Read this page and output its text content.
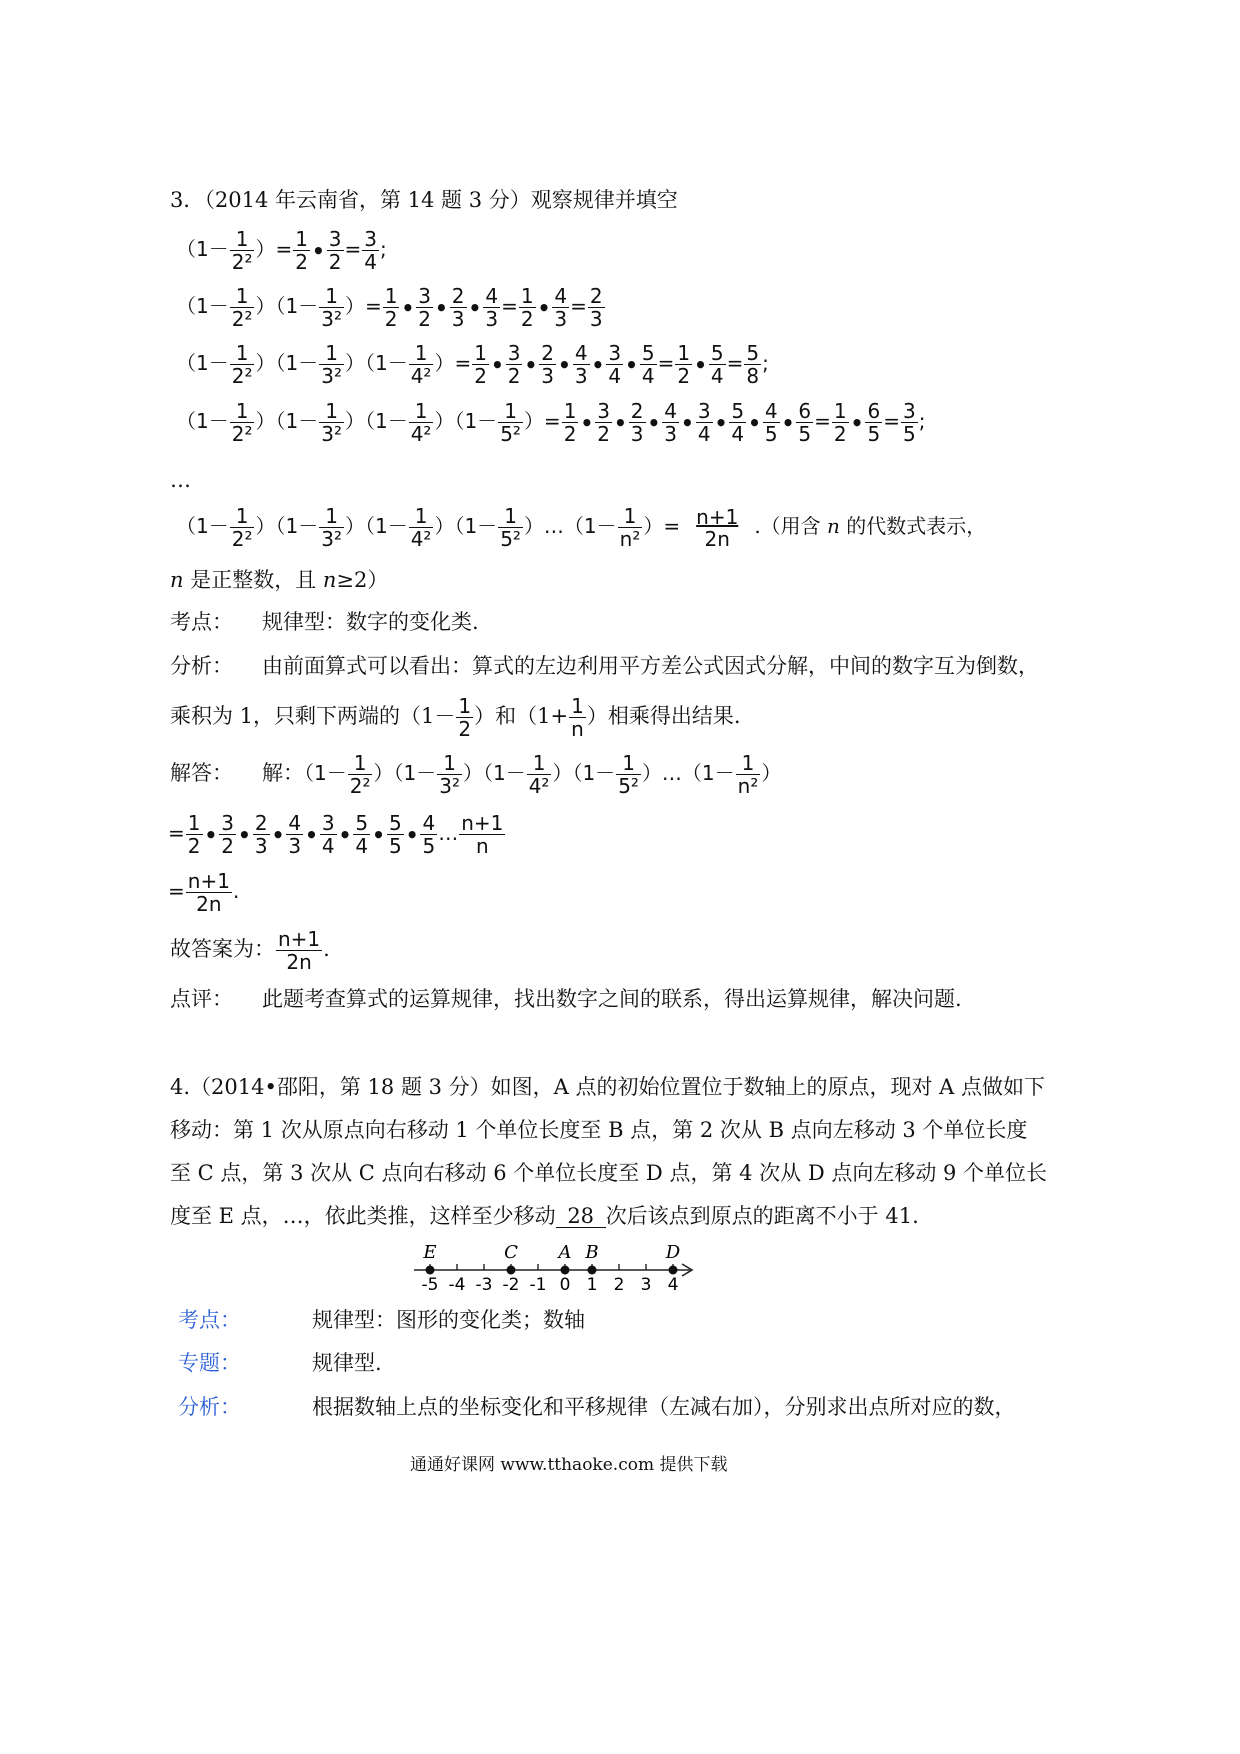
3．（2014 年云南省，第 14 题 3 分）观察规律并填空
（$1- \frac{1}{\text{2²}}$ ）= $\frac{1}{2}$ • $\frac{3}{2} = \frac{3}{4}$ ;
$(1- \frac{1}{\text{2²}} )(1- \frac{1}{\text{3²}}$ ）= $\frac{1}{2}$ • $\frac{3}{2}$ • $\frac{2}{3}$ • $\frac{4}{3} = \frac{1}{2}$ • $\frac{4}{3} = \frac{2}{3}$
$(1- \frac{1}{\text{2²}} )(1- \frac{1}{\text{3²}} )(1- \frac{1}{\text{4²}}$ ）= $\frac{1}{2}$ • $\frac{3}{2}$ • $\frac{2}{3}$ • $\frac{4}{3}$ • $\frac{3}{4}$ • $\frac{5}{4} = \frac{1}{2}$ • $\frac{5}{4} = \frac{5}{8}$ ;
$(1- \frac{1}{\text{2²}} )(1- \frac{1}{\text{3²}} )(1- \frac{1}{\text{4²}} )(1- \frac{1}{\text{5²}}$ ）= $\frac{1}{2}$ • $\frac{3}{2}$ • $\frac{2}{3}$ • $\frac{4}{3}$ • $\frac{3}{4}$ • $\frac{5}{4}$ • $\frac{4}{5}$ • $\frac{6}{5} = \frac{1}{2}$ • $\frac{6}{5} = \frac{3}{5}$ ;
…
$(1- \frac{1}{\text{2²}} )(1- \frac{1}{\text{3²}} )(1- \frac{1}{\text{4²}} )(1- \frac{1}{\text{5²}}$ ）…（1－ $\frac{1}{\text{n²}}$ ）= $\frac{n+1}{2n}$ .（用含 n 的代数式表示，
n 是正整数，且 n≥2）
考点： 规律型：数字的变化类.
分析： 由前面算式可以看出：算式的左边利用平方差公式因式分解，中间的数字互为倒数，
乘积为 1，只剩下两端的（$1- \frac{1}{2}$ ）和（$1+ \frac{1}{n}$ ）相乘得出结果.
解答： 解：$(1- \frac{1}{\text{2²}} )(1- \frac{1}{\text{3²}} )(1- \frac{1}{\text{4²}} )(1- \frac{1}{\text{5²}}$ ）…（1－ $\frac{1}{\text{n²}}$ ）
= $\frac{1}{2}$ • $\frac{3}{2}$ • $\frac{2}{3}$ • $\frac{4}{3}$ • $\frac{3}{4}$ • $\frac{5}{4}$ • $\frac{5}{5}$ • $\frac{4}{5}$ … $\frac{n+1}{n}$
= $\frac{n+1}{2n}$ .
故答案为： $\frac{n+1}{2n}$ .
点评： 此题考查算式的运算规律，找出数字之间的联系，得出运算规律，解决问题.
4.（2014•邵阳，第 18 题 3 分）如图，A 点的初始位置位于数轴上的原点，现对 A 点做如下
移动：第 1 次从原点向右移动 1 个单位长度至 B 点，第 2 次从 B 点向左移动 3 个单位长度
至 C 点，第 3 次从 C 点向右移动 6 个单位长度至 D 点，第 4 次从 D 点向左移动 9 个单位长
度至 E 点，…，依此类推，这样至少移动 28 次后该点到原点的距离不小于 41.
-5 -4 -3 -2 -1 0 1 2 3 4
E	C A B	D
考点：	规律型：图形的变化类；数轴
专题：	规律型.
分析：	根据数轴上点的坐标变化和平移规律（左减右加），分别求出点所对应的数，
通通好课网 www.tthaoke.com 提供下载
